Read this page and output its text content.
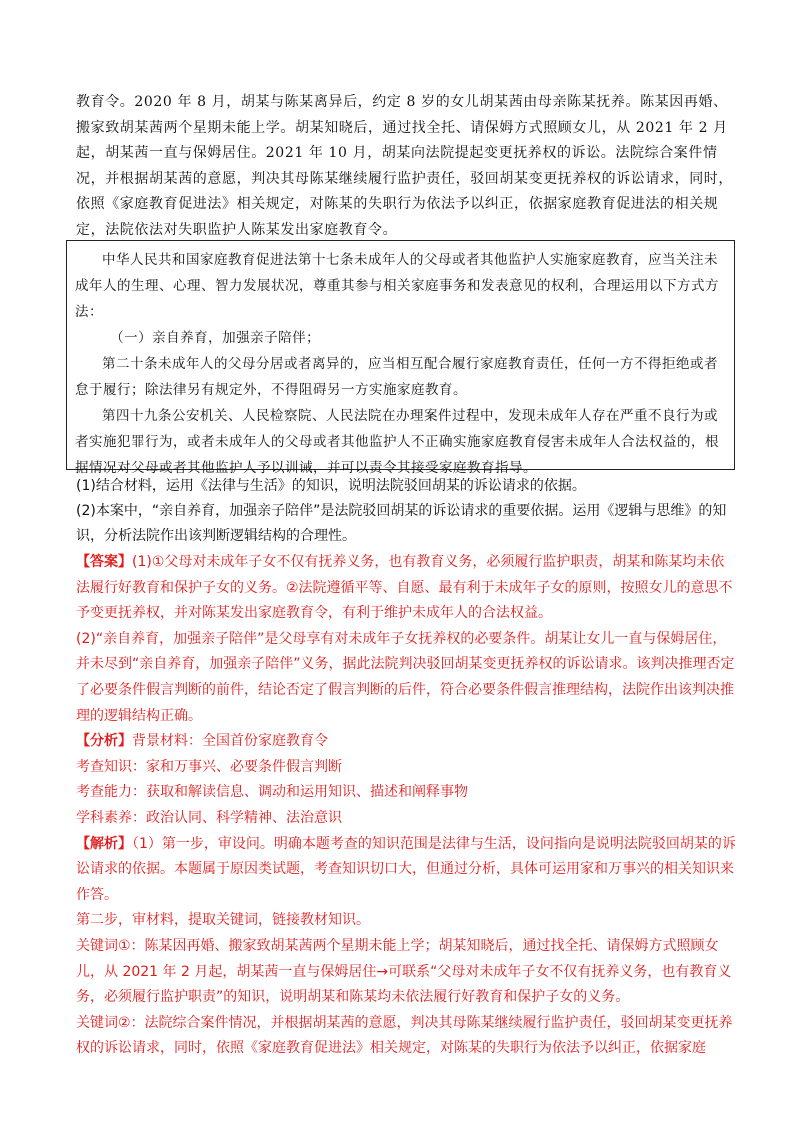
教育令。2020 年 8 月，胡某与陈某离异后，约定 8 岁的女儿胡某茜由母亲陈某抚养。陈某因再婚、搬家致胡某茜两个星期未能上学。胡某知晓后，通过找全托、请保姆方式照顾女儿，从 2021 年 2 月起，胡某茜一直与保姆居住。2021 年 10 月，胡某向法院提起变更抚养权的诉讼。法院综合案件情况，并根据胡某茜的意愿，判决其母陈某继续履行监护责任，驳回胡某变更抚养权的诉讼请求，同时，依照《家庭教育促进法》相关规定，对陈某的失职行为依法予以纠正，依据家庭教育促进法的相关规定，法院依法对失职监护人陈某发出家庭教育令。

中华人民共和国家庭教育促进法第十七条未成年人的父母或者其他监护人实施家庭教育，应当关注未成年人的生理、心理、智力发展状况，尊重其参与相关家庭事务和发表意见的权利，合理运用以下方式方法：

（一）亲自养育，加强亲子陪伴；

第二十条未成年人的父母分居或者离异的，应当相互配合履行家庭教育责任，任何一方不得拒绝或者怠于履行；除法律另有规定外，不得阻碍另一方实施家庭教育。

第四十九条公安机关、人民检察院、人民法院在办理案件过程中，发现未成年人存在严重不良行为或者实施犯罪行为，或者未成年人的父母或者其他监护人不正确实施家庭教育侵害未成年人合法权益的，根据情况对父母或者其他监护人予以训诫，并可以责令其接受家庭教育指导。

(1)结合材料，运用《法律与生活》的知识，说明法院驳回胡某的诉讼请求的依据。

(2)本案中，“亲自养育，加强亲子陪伴”是法院驳回胡某的诉讼请求的重要依据。运用《逻辑与思维》的知识，分析法院作出该判断逻辑结构的合理性。

【答案】(1)①父母对未成年子女不仅有抚养义务，也有教育义务，必须履行监护职责，胡某和陈某均未依法履行好教育和保护子女的义务。②法院遵循平等、自愿、最有利于未成年子女的原则，按照女儿的意思不予变更抚养权，并对陈某发出家庭教育令，有利于维护未成年人的合法权益。

(2)“亲自养育，加强亲子陪伴”是父母享有对未成年子女抚养权的必要条件。胡某让女儿一直与保姆居住，并未尽到“亲自养育，加强亲子陪伴”义务，据此法院判决驳回胡某变更抚养权的诉讼请求。该判决推理否定了必要条件假言判断的前件，结论否定了假言判断的后件，符合必要条件假言推理结构，法院作出该判决推理的逻辑结构正确。

【分析】背景材料：全国首份家庭教育令

考查知识：家和万事兴、必要条件假言判断

考查能力：获取和解读信息、调动和运用知识、描述和阐释事物

学科素养：政治认同、科学精神、法治意识

【解析】（1）第一步，审设问。明确本题考查的知识范围是法律与生活，设问指向是说明法院驳回胡某的诉讼请求的依据。本题属于原因类试题，考查知识切口大，但通过分析，具体可运用家和万事兴的相关知识来作答。

第二步，审材料，提取关键词，链接教材知识。

关键词①：陈某因再婚、搬家致胡某茜两个星期未能上学；胡某知晓后，通过找全托、请保姆方式照顾女儿，从 2021 年 2 月起，胡某茜一直与保姆居住→可联系“父母对未成年子女不仅有抚养义务，也有教育义务，必须履行监护职责”的知识，说明胡某和陈某均未依法履行好教育和保护子女的义务。

关键词②：法院综合案件情况，并根据胡某茜的意愿，判决其母陈某继续履行监护责任，驳回胡某变更抚养权的诉讼请求，同时，依照《家庭教育促进法》相关规定，对陈某的失职行为依法予以纠正，依据家庭
